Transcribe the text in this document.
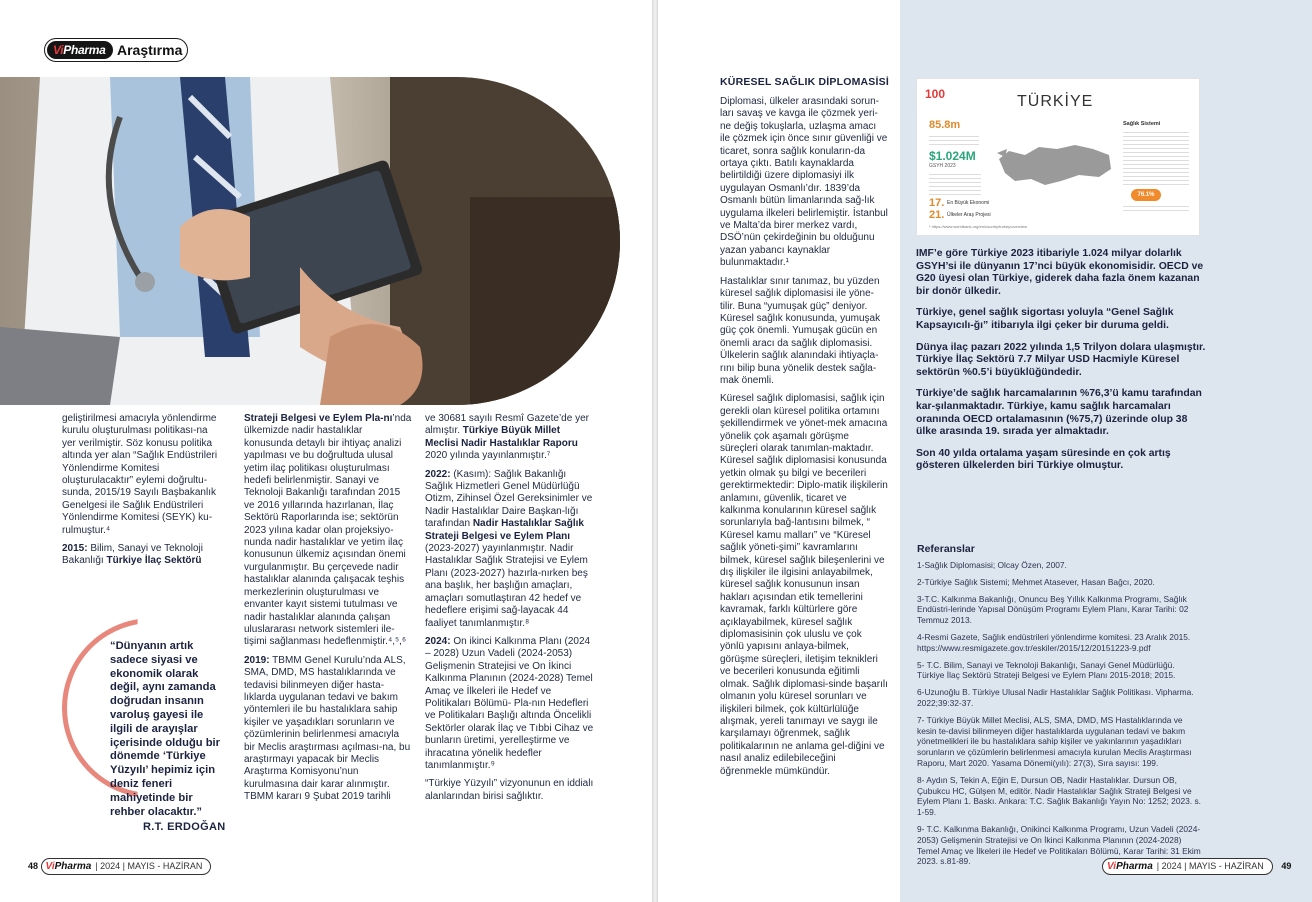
ViPharma Araştırma

geliştirilmesi amacıyla yönlendirme kurulu oluşturulması politikası-na yer verilmiştir. Söz konusu politika altında yer alan “Sağlık Endüstrileri Yönlendirme Komitesi oluşturulacaktır” eylemi doğrultu-sunda, 2015/19 Sayılı Başbakanlık Genelgesi ile Sağlık Endüstrileri Yönlendirme Komitesi (SEYK) ku-rulmuştur.⁴

2015: Bilim, Sanayi ve Teknoloji Bakanlığı Türkiye İlaç Sektörü

“Dünyanın artık sadece siyasi ve ekonomik olarak değil, aynı zamanda doğrudan insanın varoluş gayesi ile ilgili de arayışlar içerisinde olduğu bir dönemde ‘Türkiye Yüzyılı’ hepimiz için deniz feneri mahiyetinde bir rehber olacaktır.”
R.T. ERDOĞAN

Strateji Belgesi ve Eylem Pla-nı’nda ülkemizde nadir hastalıklar konusunda detaylı bir ihtiyaç analizi yapılması ve bu doğrultuda ulusal yetim ilaç politikası oluşturulması hedefi belirlenmiştir. Sanayi ve Teknoloji Bakanlığı tarafından 2015 ve 2016 yıllarında hazırlanan, İlaç Sektörü Raporlarında ise; sektörün 2023 yılına kadar olan projeksiyo-nunda nadir hastalıklar ve yetim ilaç konusunun ülkemiz açısından önemi vurgulanmıştır. Bu çerçevede nadir hastalıklar alanında çalışacak teşhis merkezlerinin oluşturulması ve envanter kayıt sistemi tutulması ve nadir hastalıklar alanında çalışan uluslararası network sistemleri ile-tişimi sağlanması hedeflenmiştir.⁴,⁵,⁶

2019: TBMM Genel Kurulu’nda ALS, SMA, DMD, MS hastalıklarında ve tedavisi bilinmeyen diğer hasta-lıklarda uygulanan tedavi ve bakım yöntemleri ile bu hastalıklara sahip kişiler ve yaşadıkları sorunların ve çözümlerinin belirlenmesi amacıyla bir Meclis araştırması açılması-na, bu araştırmayı yapacak bir Meclis Araştırma Komisyonu’nun kurulmasına dair karar alınmıştır. TBMM kararı 9 Şubat 2019 tarihli

ve 30681 sayılı Resmî Gazete’de yer almıştır. Türkiye Büyük Millet Meclisi Nadir Hastalıklar Raporu 2020 yılında yayınlanmıştır.⁷

2022: (Kasım): Sağlık Bakanlığı Sağlık Hizmetleri Genel Müdürlüğü Otizm, Zihinsel Özel Gereksinimler ve Nadir Hastalıklar Daire Başkan-lığı tarafından Nadir Hastalıklar Sağlık Strateji Belgesi ve Eylem Planı (2023-2027) yayınlanmıştır. Nadir Hastalıklar Sağlık Stratejisi ve Eylem Planı (2023-2027) hazırla-nırken beş ana başlık, her başlığın amaçları, amaçları somutlaştıran 42 hedef ve hedeflere erişimi sağ-layacak 44 faaliyet tanımlanmıştır.⁸

2024: On ikinci Kalkınma Planı (2024 – 2028) Uzun Vadeli (2024-2053) Gelişmenin Stratejisi ve On İkinci Kalkınma Planının (2024-2028) Temel Amaç ve İlkeleri ile Hedef ve Politikaları Bölümü- Pla-nın Hedefleri ve Politikaları Başlığı altında Öncelikli Sektörler olarak İlaç ve Tıbbi Cihaz ve bunların üretimi, yerelleştirme ve ihracatına yönelik hedefler tanımlanmıştır.⁹

“Türkiye Yüzyılı” vizyonunun en iddialı alanlarından birisi sağlıktır.

48 ViPharma | 2024 | MAYIS - HAZİRAN
KÜRESEL SAĞLIK DİPLOMASİSİ

Diplomasi, ülkeler arasındaki sorun-ları savaş ve kavga ile çözmek yeri-ne değiş tokuşlarla, uzlaşma amacı ile çözmek için önce sınır güvenliği ve ticaret, sonra sağlık konuların-da ortaya çıktı. Batılı kaynaklarda belirtildiği üzere diplomasiyi ilk uygulayan Osmanlı’dır. 1839’da Osmanlı bütün limanlarında sağ-lık uygulama ilkeleri belirlemiştir. İstanbul ve Malta’da birer merkez vardı, DSÖ’nün çekirdeğinin bu olduğunu yazan yabancı kaynaklar bulunmaktadır.¹

Hastalıklar sınır tanımaz, bu yüzden küresel sağlık diplomasisi ile yöne-tilir. Buna “yumuşak güç” deniyor. Küresel sağlık konusunda, yumuşak güç çok önemli. Yumuşak gücün en önemli aracı da sağlık diplomasisi. Ülkelerin sağlık alanındaki ihtiyaçla-rını bilip buna yönelik destek sağla-mak önemli.

Küresel sağlık diplomasisi, sağlık için gerekli olan küresel politika ortamını şekillendirmek ve yönet-mek amacına yönelik çok aşamalı görüşme süreçleri olarak tanımlan-maktadır. Küresel sağlık diplomasisi konusunda yetkin olmak şu bilgi ve becerileri gerektirmektedir: Diplo-matik ilişkilerin anlamını, güvenlik, ticaret ve kalkınma konularının küresel sağlık sorunlarıyla bağ-lantısını bilmek, “ Küresel kamu malları” ve “Küresel sağlık yöneti-şimi” kavramlarını bilmek, küresel sağlık bileşenlerini ve dış ilişkiler ile ilgisini anlayabilmek, küresel sağlık konusunun insan hakları açısından etik temellerini kavramak, farklı kültürlere göre açıklayabilmek, küresel sağlık diplomasisinin çok uluslu ve çok yönlü yapısını anlaya-bilmek, görüşme süreçleri, iletişim teknikleri ve becerileri konusunda eğitimli olmak. Sağlık diplomasi-sinde başarılı olmanın yolu küresel sorunları ve ilişkileri bilmek, çok kültürlülüğe alışmak, yereli tanımayı ve saygı ile karşılamayı öğrenmek, sağlık politikalarının ne anlama gel-diğini ve nasıl analiz edilebileceğini öğrenmekle mümkündür.

100	TÜRKİYE
85.8m
$1.024M
GSYH 2023
17. En Büyük Ekonomi
21. Ülkeler Araş Projesi
Sağlık Sistemi
76.1%
* https://www.worldbank.org/en/country/turkey/overview

IMF’e göre Türkiye 2023 itibariyle 1.024 milyar dolarlık GSYH’si ile dünyanın 17’nci büyük ekonomisidir. OECD ve G20 üyesi olan Türkiye, giderek daha fazla önem kazanan bir donör ülkedir.

Türkiye, genel sağlık sigortası yoluyla “Genel Sağlık Kapsayıcılı-ğı” itibarıyla ilgi çeker bir duruma geldi.

Dünya ilaç pazarı 2022 yılında 1,5 Trilyon dolara ulaşmıştır. Türkiye İlaç Sektörü 7.7 Milyar USD Hacmiyle Küresel sektörün %0.5’i büyüklüğündedir.

Türkiye’de sağlık harcamalarının %76,3’ü kamu tarafından kar-şılanmaktadır. Türkiye, kamu sağlık harcamaları oranında OECD ortalamasının (%75,7) üzerinde olup 38 ülke arasında 19. sırada yer almaktadır.

Son 40 yılda ortalama yaşam süresinde en çok artış gösteren ülkelerden biri Türkiye olmuştur.

Referanslar
1-Sağlık Diplomasisi; Olcay Özen, 2007.
2-Türkiye Sağlık Sistemi; Mehmet Atasever, Hasan Bağcı, 2020.
3-T.C. Kalkınma Bakanlığı, Onuncu Beş Yıllık Kalkınma Programı, Sağlık Endüstri-lerinde Yapısal Dönüşüm Programı Eylem Planı, Karar Tarihi: 02 Temmuz 2013.
4-Resmi Gazete, Sağlık endüstrileri yönlendirme komitesi. 23 Aralık 2015. https://www.resmigazete.gov.tr/eskiler/2015/12/20151223-9.pdf
5- T.C. Bilim, Sanayi ve Teknoloji Bakanlığı, Sanayi Genel Müdürlüğü. Türkiye İlaç Sektörü Strateji Belgesi ve Eylem Planı 2015-2018; 2015.
6-Uzunoğlu B. Türkiye Ulusal Nadir Hastalıklar Sağlık Politikası. Vipharma. 2022;39:32-37.
7- Türkiye Büyük Millet Meclisi, ALS, SMA, DMD, MS Hastalıklarında ve kesin te-davisi bilinmeyen diğer hastalıklarda uygulanan tedavi ve bakım yönetmelikleri ile bu hastalıklara sahip kişiler ve yakınlarının yaşadıkları sorunların ve çözümlerin belirlenmesi amacıyla kurulan Meclis Araştırması Raporu, Mart 2020. Yasama Dönemi(yılı): 27(3), Sıra sayısı: 199.
8- Aydın S, Tekin A, Eğin E, Dursun OB, Nadir Hastalıklar. Dursun OB, Çubukcu HC, Gülşen M, editör. Nadir Hastalıklar Sağlık Strateji Belgesi ve Eylem Planı 1. Baskı. Ankara: T.C. Sağlık Bakanlığı Yayın No: 1252; 2023. s. 1-59.
9- T.C. Kalkınma Bakanlığı, Onikinci Kalkınma Programı, Uzun Vadeli (2024-2053) Gelişmenin Stratejisi ve On İkinci Kalkınma Planının (2024-2028) Temel Amaç ve İlkeleri ile Hedef ve Politikaları Bölümü, Karar Tarihi: 31 Ekim 2023. s.81-89.	ViPharma | 2024 | MAYIS - HAZİRAN 49
